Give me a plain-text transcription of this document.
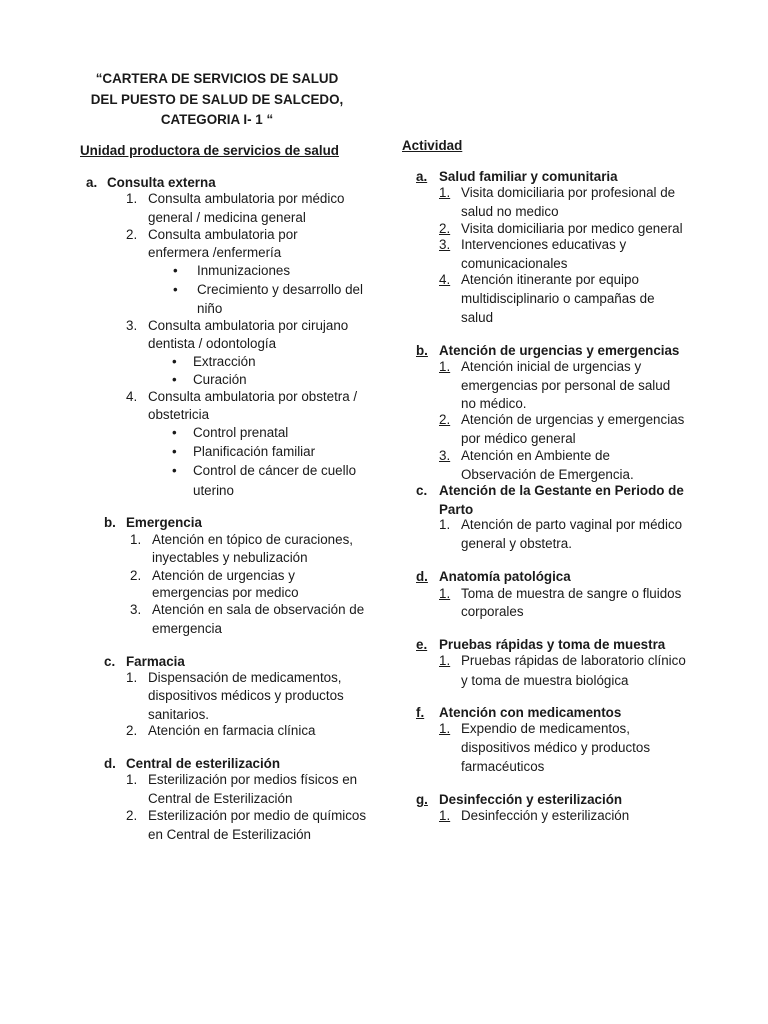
“CARTERA DE SERVICIOS DE SALUD
DEL PUESTO DE SALUD DE SALCEDO,
CATEGORIA I- 1 “
Unidad productora de servicios de salud
a. Consulta externa
1. Consulta ambulatoria por médico
general / medicina general
2. Consulta ambulatoria por
enfermera /enfermería
• Inmunizaciones
• Crecimiento y desarrollo del
niño
3. Consulta ambulatoria por cirujano
dentista / odontología
• Extracción
• Curación
4. Consulta ambulatoria por obstetra /
obstetricia
• Control prenatal
• Planificación familiar
• Control de cáncer de cuello
uterino
b. Emergencia
1. Atención en tópico de curaciones,
inyectables y nebulización
2. Atención de urgencias y
emergencias por medico
3. Atención en sala de observación de
emergencia
c. Farmacia
1. Dispensación de medicamentos,
dispositivos médicos y productos
sanitarios.
2. Atención en farmacia clínica
d. Central de esterilización
1. Esterilización por medios físicos en
Central de Esterilización
2. Esterilización por medio de químicos
en Central de Esterilización
Actividad
a. Salud familiar y comunitaria
1. Visita domiciliaria por profesional de
salud no medico
2. Visita domiciliaria por medico general
3. Intervenciones educativas y
comunicacionales
4. Atención itinerante por equipo
multidisciplinario o campañas de
salud
b. Atención de urgencias y emergencias
1. Atención inicial de urgencias y
emergencias por personal de salud
no médico.
2. Atención de urgencias y emergencias
por médico general
3. Atención en Ambiente de
Observación de Emergencia.
c. Atención de la Gestante en Periodo de
Parto
1. Atención de parto vaginal por médico
general y obstetra.
d. Anatomía patológica
1. Toma de muestra de sangre o fluidos
corporales
e. Pruebas rápidas y toma de muestra
1. Pruebas rápidas de laboratorio clínico
y toma de muestra biológica
f.	Atención con medicamentos
1. Expendio de medicamentos,
dispositivos médico y productos
farmacéuticos
g. Desinfección y esterilización
1. Desinfección y esterilización
